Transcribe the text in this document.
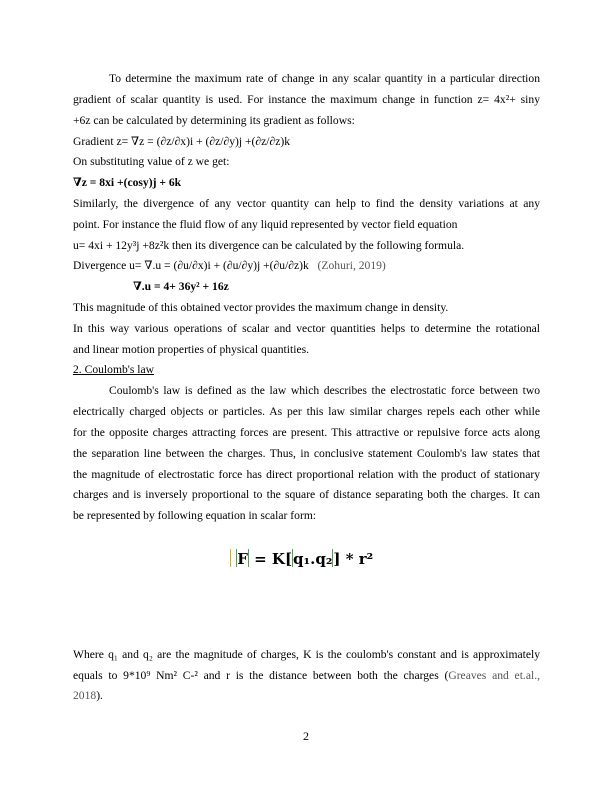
To determine the maximum rate of change in any scalar quantity in a particular direction
gradient of scalar quantity is used. For instance the maximum change in function z= 4x²+ siny
+6z can be calculated by determining its gradient as follows:
Gradient z= ∇z = (∂z/∂x)i + (∂z/∂y)j +(∂z/∂z)k
On substituting value of z we get:
∇z = 8xi +(cosy)j + 6k
Similarly, the divergence of any vector quantity can help to find the density variations at any
point. For instance the fluid flow of any liquid represented by vector field equation
u= 4xi + 12y³j +8z²k then its divergence can be calculated by the following formula.
Divergence u= ∇.u = (∂u/∂x)i + (∂u/∂y)j +(∂u/∂z)k (Zohuri, 2019)
∇.u = 4+ 36y² + 16z
This magnitude of this obtained vector provides the maximum change in density.
In this way various operations of scalar and vector quantities helps to determine the rotational
and linear motion properties of physical quantities.
2. Coulomb's law
Coulomb's law is defined as the law which describes the electrostatic force between two
electrically charged objects or particles. As per this law similar charges repels each other while
for the opposite charges attracting forces are present. This attractive or repulsive force acts along
the separation line between the charges. Thus, in conclusive statement Coulomb's law states that
the magnitude of electrostatic force has direct proportional relation with the product of stationary
charges and is inversely proportional to the square of distance separating both the charges. It can
be represented by following equation in scalar form:
F = K[q₁.q₂] * r²
Where q₁ and q₂ are the magnitude of charges, K is the coulomb's constant and is approximately
equals to 9*10⁹ Nm² C-² and r is the distance between both the charges (Greaves and et.al.,
2018).
2
